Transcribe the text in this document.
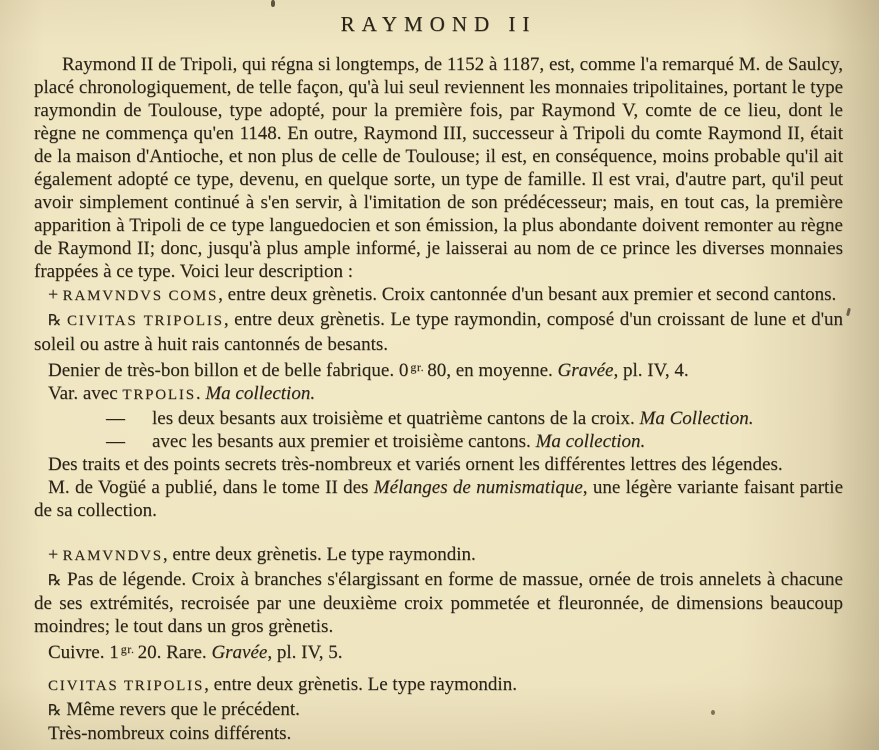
RAYMOND II

Raymond II de Tripoli, qui régna si longtemps, de 1152 à 1187, est, comme l'a remarqué M. de Saulcy, placé chronologiquement, de telle façon, qu'à lui seul reviennent les monnaies tripolitaines, portant le type raymondin de Toulouse, type adopté, pour la première fois, par Raymond V, comte de ce lieu, dont le règne ne commença qu'en 1148. En outre, Raymond III, successeur à Tripoli du comte Raymond II, était de la maison d'Antioche, et non plus de celle de Toulouse; il est, en conséquence, moins probable qu'il ait également adopté ce type, devenu, en quelque sorte, un type de famille. Il est vrai, d'autre part, qu'il peut avoir simplement continué à s'en servir, à l'imitation de son prédécesseur; mais, en tout cas, la première apparition à Tripoli de ce type languedocien et son émission, la plus abondante doivent remonter au règne de Raymond II; donc, jusqu'à plus ample informé, je laisserai au nom de ce prince les diverses monnaies frappées à ce type. Voici leur description :

+ RAMVNDVS COMS, entre deux grènetis. Croix cantonnée d'un besant aux premier et second cantons.

℞ CIVITAS TRIPOLIS, entre deux grènetis. Le type raymondin, composé d'un croissant de lune et d'un soleil ou astre à huit rais cantonnés de besants.

Denier de très-bon billon et de belle fabrique. 0 $^{gr.}$ 80, en moyenne. Gravée, pl. IV, 4.

Var. avec TRPOLIS. Ma collection.

— les deux besants aux troisième et quatrième cantons de la croix. Ma Collection.

— avec les besants aux premier et troisième cantons. Ma collection.

Des traits et des points secrets très-nombreux et variés ornent les différentes lettres des légendes.

M. de Vogüé a publié, dans le tome II des Mélanges de numismatique, une légère variante faisant partie de sa collection.

+ RAMVNDVS, entre deux grènetis. Le type raymondin.

℞ Pas de légende. Croix à branches s'élargissant en forme de massue, ornée de trois annelets à chacune de ses extrémités, recroisée par une deuxième croix pommetée et fleuronnée, de dimensions beaucoup moindres; le tout dans un gros grènetis.

Cuivre. 1 $^{gr.}$ 20. Rare. Gravée, pl. IV, 5.

CIVITAS TRIPOLIS, entre deux grènetis. Le type raymondin.

℞ Même revers que le précédent.

Très-nombreux coins différents.
